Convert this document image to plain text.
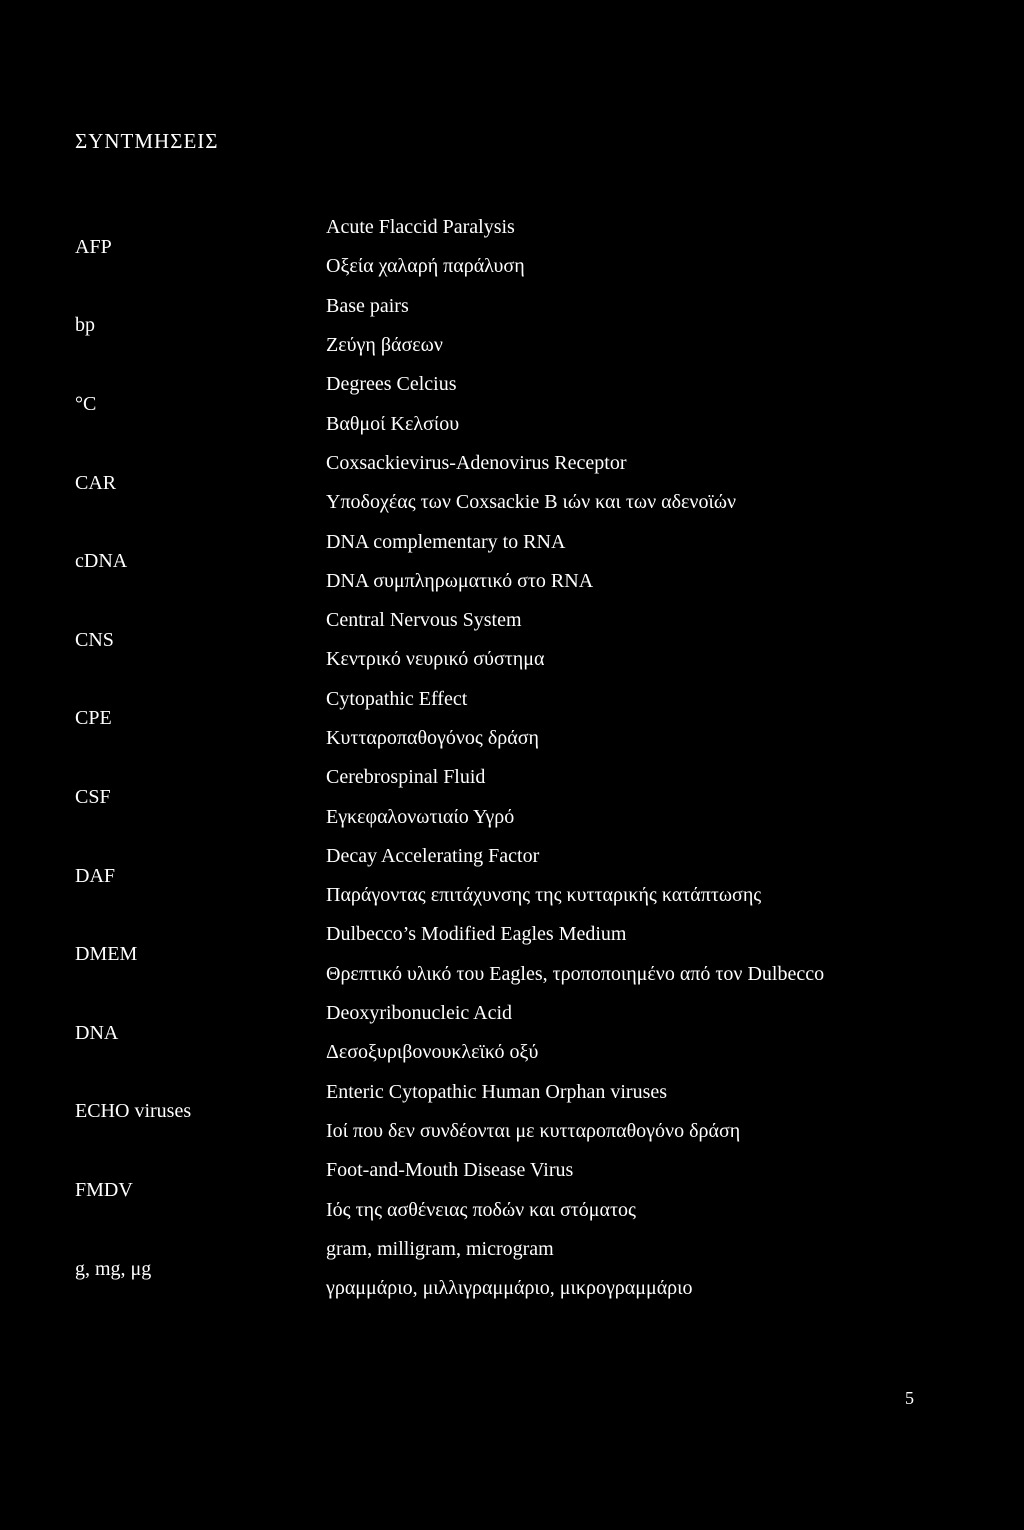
ΣΥΝΤΜΗΣΕΙΣ
AFP
Acute Flaccid Paralysis
Οξεία χαλαρή παράλυση
bp
Base pairs
Ζεύγη βάσεων
°C
Degrees Celcius
Βαθμοί Κελσίου
CAR
Coxsackievirus-Adenovirus Receptor
Υποδοχέας των Coxsackie B ιών και των αδενοϊών
cDNA
DNA complementary to RNA
DNA συμπληρωματικό στο RNA
CNS
Central Nervous System
Κεντρικό νευρικό σύστημα
CPE
Cytopathic Effect
Κυτταροπαθογόνος δράση
CSF
Cerebrospinal Fluid
Εγκεφαλονωτιαίο Υγρό
DAF
Decay Accelerating Factor
Παράγοντας επιτάχυνσης της κυτταρικής κατάπτωσης
DMEM
Dulbecco’s Modified Eagles Medium
Θρεπτικό υλικό του Eagles, τροποποιημένο από τον Dulbecco
DNA
Deoxyribonucleic Acid
Δεσοξυριβονουκλεϊκό οξύ
ECHO viruses
Enteric Cytopathic Human Orphan viruses
Ιοί που δεν συνδέονται με κυτταροπαθογόνο δράση
FMDV
Foot-and-Mouth Disease Virus
Ιός της ασθένειας ποδών και στόματος
g, mg, μg
gram, milligram, microgram
γραμμάριο, μιλλιγραμμάριο, μικρογραμμάριο
5
